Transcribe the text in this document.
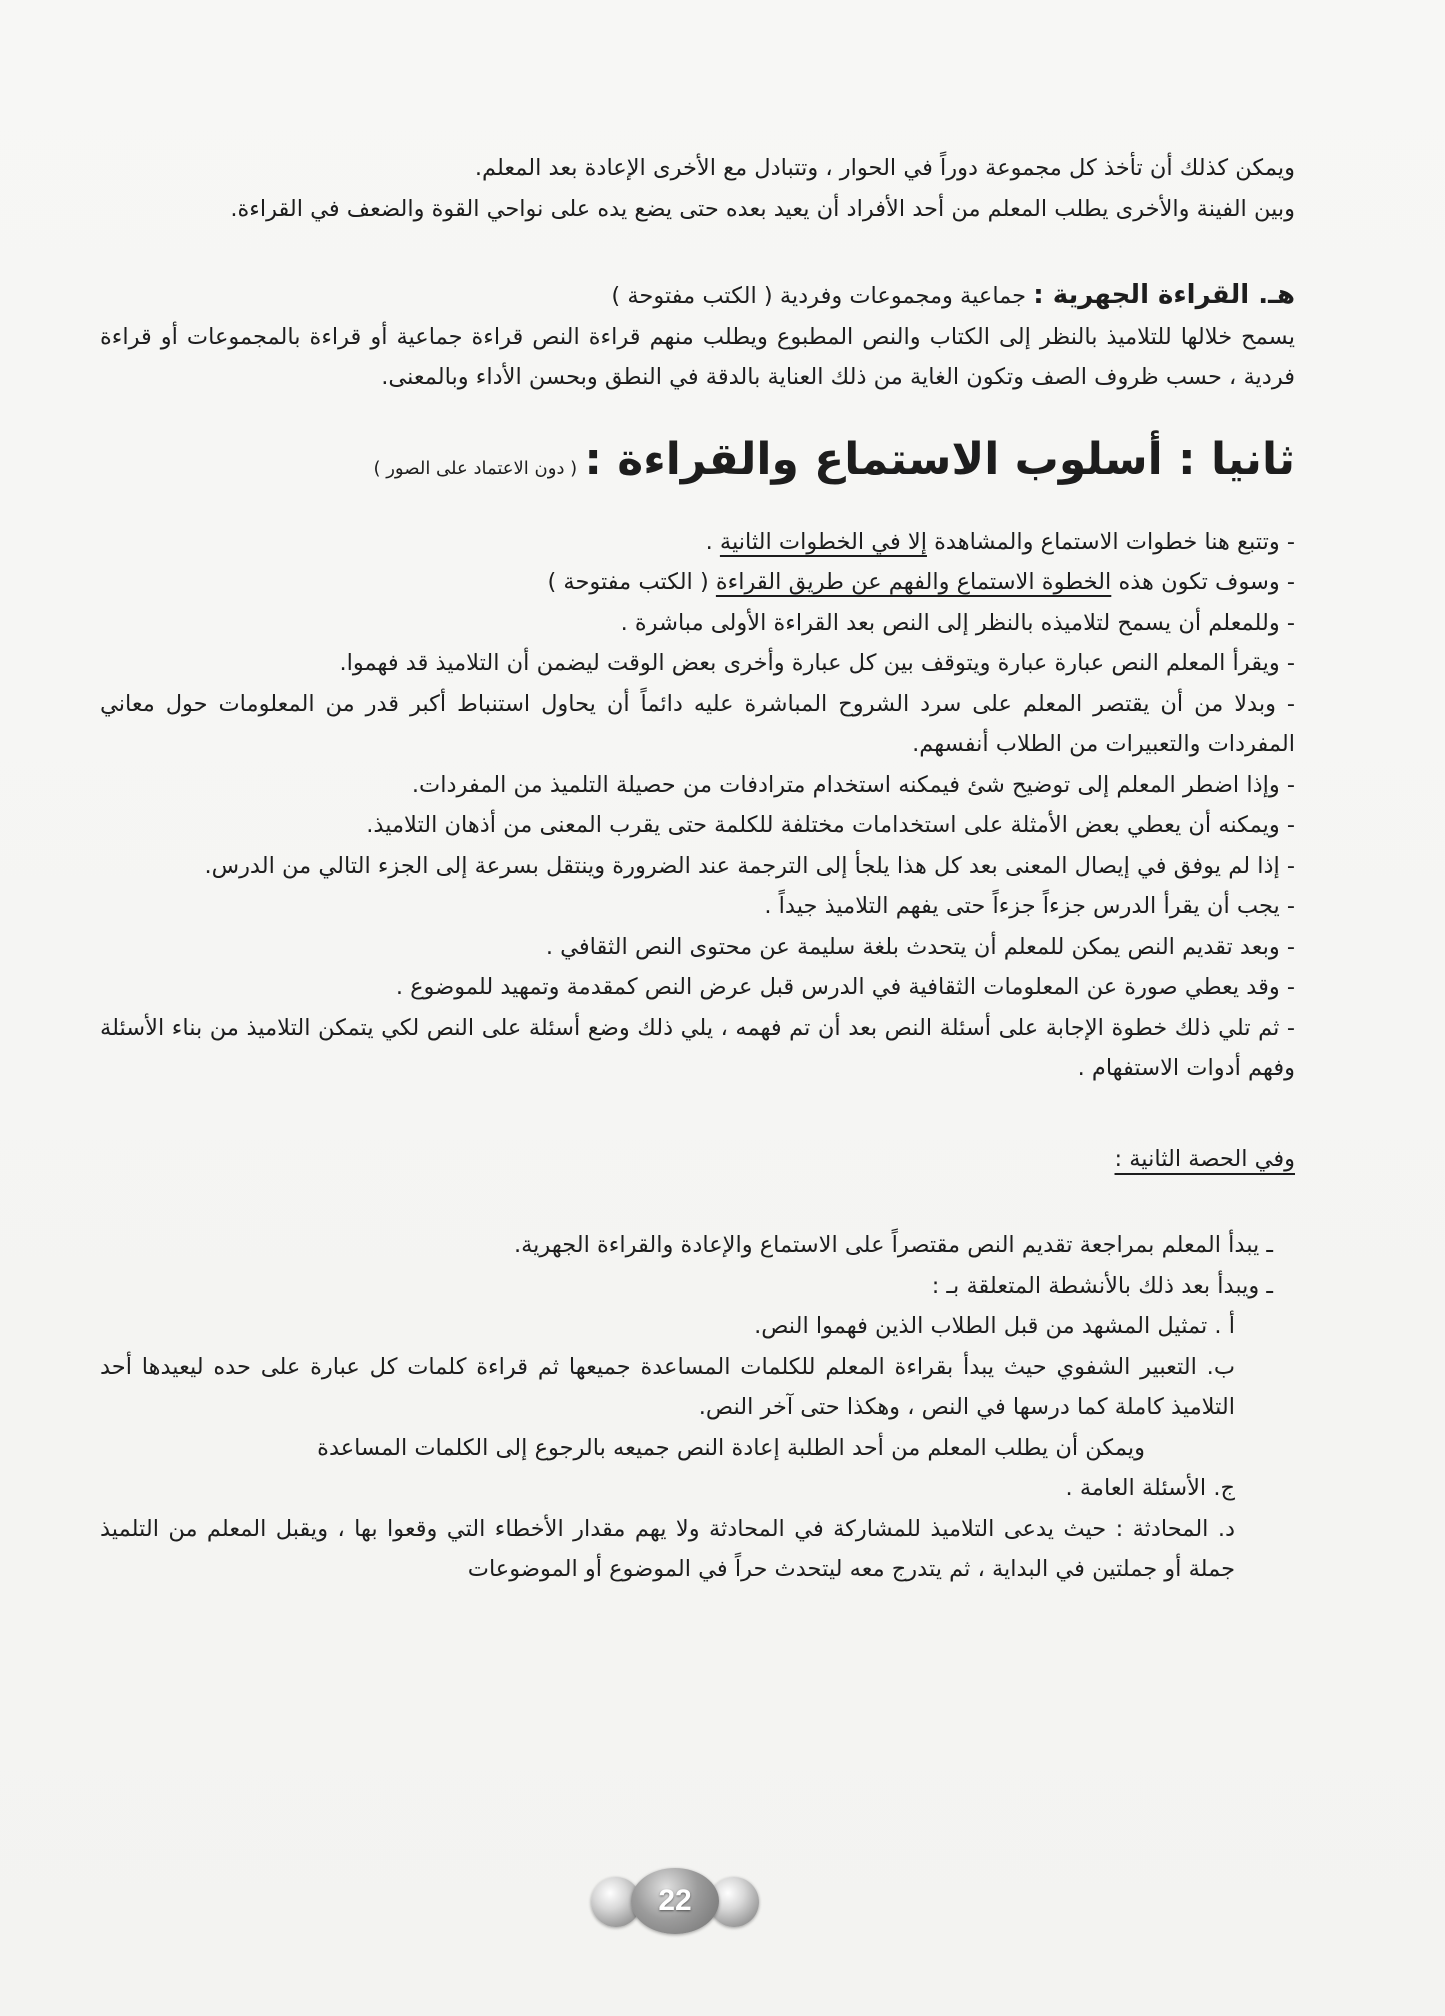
ويمكن كذلك أن تأخذ كل مجموعة دوراً في الحوار ، وتتبادل مع الأخرى الإعادة بعد المعلم.

وبين الفينة والأخرى يطلب المعلم من أحد الأفراد أن يعيد بعده حتى يضع يده على نواحي القوة والضعف في القراءة.

هـ. القراءة الجهرية : جماعية ومجموعات وفردية ( الكتب مفتوحة )

يسمح خلالها للتلاميذ بالنظر إلى الكتاب والنص المطبوع ويطلب منهم قراءة النص قراءة جماعية أو قراءة بالمجموعات أو قراءة فردية ، حسب ظروف الصف وتكون الغاية من ذلك العناية بالدقة في النطق وبحسن الأداء وبالمعنى.

ثانيا : أسلوب الاستماع والقراءة : ( دون الاعتماد على الصور )

- وتتبع هنا خطوات الاستماع والمشاهدة إلا في الخطوات الثانية .
- وسوف تكون هذه الخطوة الاستماع والفهم عن طريق القراءة ( الكتب مفتوحة )
- وللمعلم أن يسمح لتلاميذه بالنظر إلى النص بعد القراءة الأولى مباشرة .
- ويقرأ المعلم النص عبارة عبارة ويتوقف بين كل عبارة وأخرى بعض الوقت ليضمن أن التلاميذ قد فهموا.
- وبدلا من أن يقتصر المعلم على سرد الشروح المباشرة عليه دائماً أن يحاول استنباط أكبر قدر من المعلومات حول معاني المفردات والتعبيرات من الطلاب أنفسهم.
- وإذا اضطر المعلم إلى توضيح شئ فيمكنه استخدام مترادفات من حصيلة التلميذ من المفردات.
- ويمكنه أن يعطي بعض الأمثلة على استخدامات مختلفة للكلمة حتى يقرب المعنى من أذهان التلاميذ.
- إذا لم يوفق في إيصال المعنى بعد كل هذا يلجأ إلى الترجمة عند الضرورة وينتقل بسرعة إلى الجزء التالي من الدرس.
- يجب أن يقرأ الدرس جزءاً جزءاً حتى يفهم التلاميذ جيداً .
- وبعد تقديم النص يمكن للمعلم أن يتحدث بلغة سليمة عن محتوى النص الثقافي .
- وقد يعطي صورة عن المعلومات الثقافية في الدرس قبل عرض النص كمقدمة وتمهيد للموضوع .
- ثم تلي ذلك خطوة الإجابة على أسئلة النص بعد أن تم فهمه ، يلي ذلك وضع أسئلة على النص لكي يتمكن التلاميذ من بناء الأسئلة وفهم أدوات الاستفهام .

وفي الحصة الثانية :

ـ يبدأ المعلم بمراجعة تقديم النص مقتصراً على الاستماع والإعادة والقراءة الجهرية.

ـ ويبدأ بعد ذلك بالأنشطة المتعلقة بـ :

أ . تمثيل المشهد من قبل الطلاب الذين فهموا النص.

ب. التعبير الشفوي حيث يبدأ بقراءة المعلم للكلمات المساعدة جميعها ثم قراءة كلمات كل عبارة على حده ليعيدها أحد التلاميذ كاملة كما درسها في النص ، وهكذا حتى آخر النص.

ويمكن أن يطلب المعلم من أحد الطلبة إعادة النص جميعه بالرجوع إلى الكلمات المساعدة

ج. الأسئلة العامة .

د. المحادثة : حيث يدعى التلاميذ للمشاركة في المحادثة ولا يهم مقدار الأخطاء التي وقعوا بها ، ويقبل المعلم من التلميذ جملة أو جملتين في البداية ، ثم يتدرج معه ليتحدث حراً في الموضوع أو الموضوعات

22
